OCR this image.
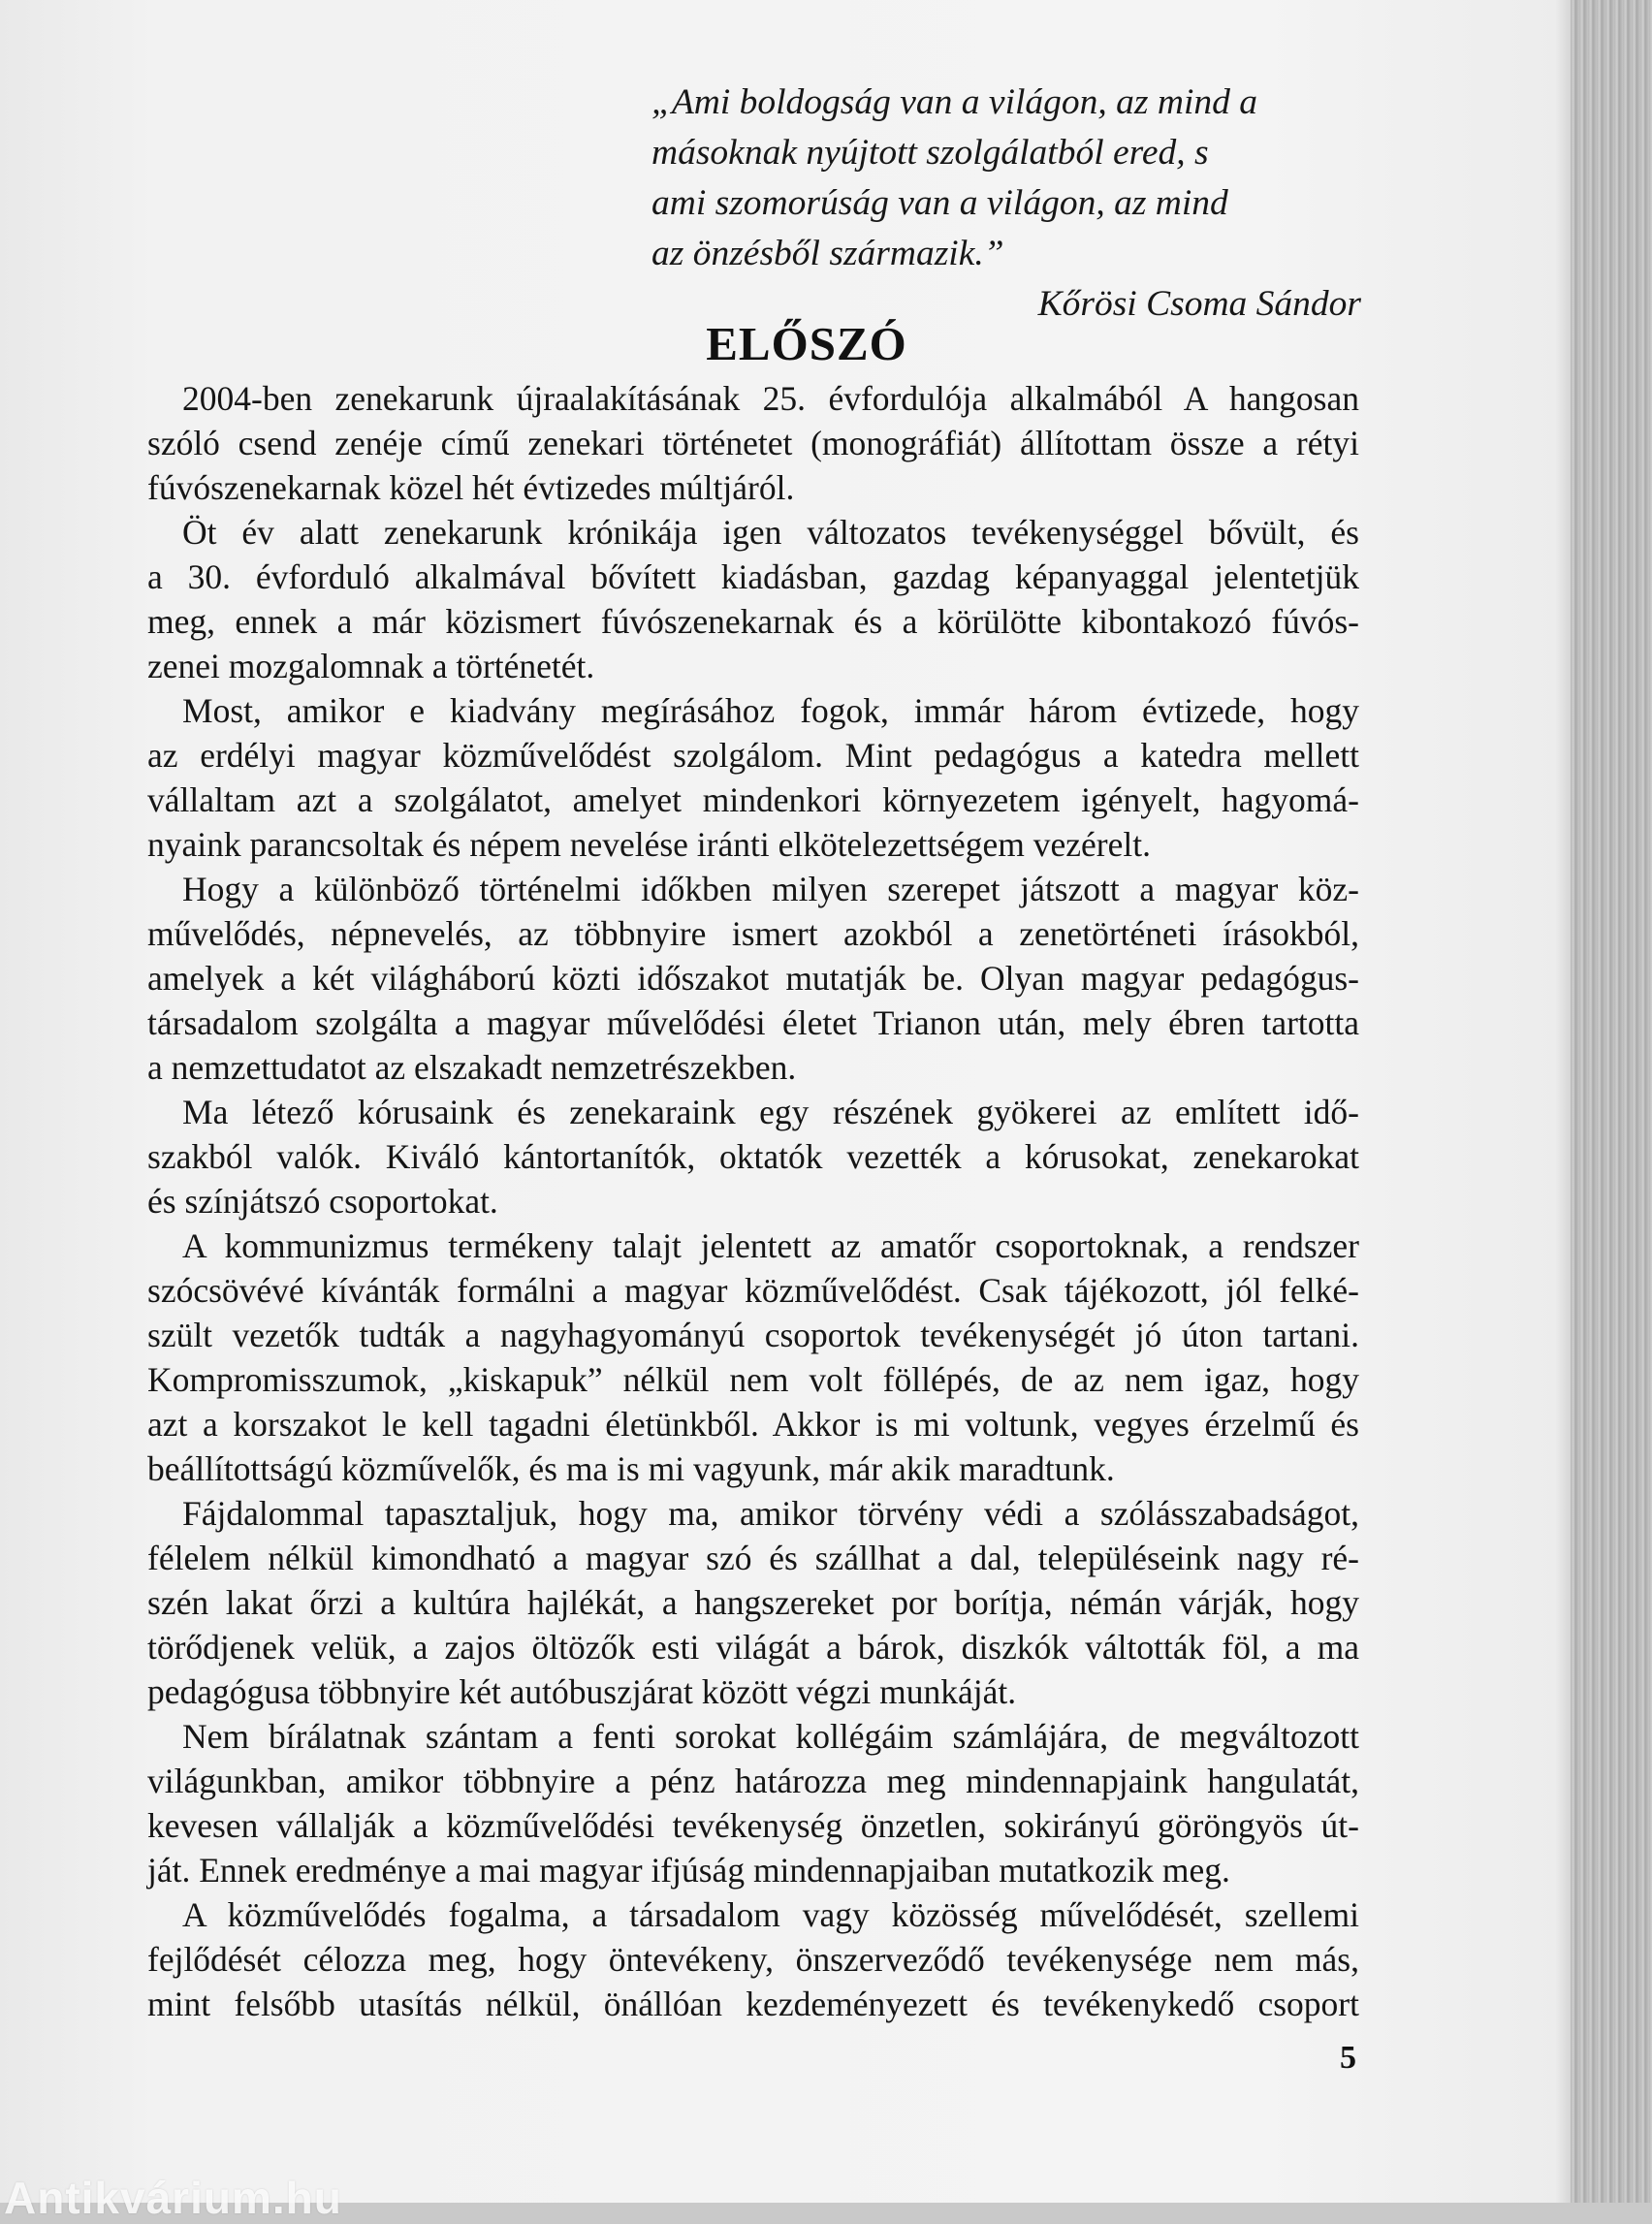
„Ami boldogság van a világon, az mind a
másoknak nyújtott szolgálatból ered, s
ami szomorúság van a világon, az mind
az önzésből származik.”
Kőrösi Csoma Sándor
ELŐSZÓ
2004-ben zenekarunk újraalakításának 25. évfordulója alkalmából A hangosan
szóló csend zenéje című zenekari történetet (monográfiát) állítottam össze a rétyi
fúvószenekarnak közel hét évtizedes múltjáról.
Öt év alatt zenekarunk krónikája igen változatos tevékenységgel bővült, és
a 30. évforduló alkalmával bővített kiadásban, gazdag képanyaggal jelentetjük
meg, ennek a már közismert fúvószenekarnak és a körülötte kibontakozó fúvós-
zenei mozgalomnak a történetét.
Most, amikor e kiadvány megírásához fogok, immár három évtizede, hogy
az erdélyi magyar közművelődést szolgálom. Mint pedagógus a katedra mellett
vállaltam azt a szolgálatot, amelyet mindenkori környezetem igényelt, hagyomá-
nyaink parancsoltak és népem nevelése iránti elkötelezettségem vezérelt.
Hogy a különböző történelmi időkben milyen szerepet játszott a magyar köz-
művelődés, népnevelés, az többnyire ismert azokból a zenetörténeti írásokból,
amelyek a két világháború közti időszakot mutatják be. Olyan magyar pedagógus-
társadalom szolgálta a magyar művelődési életet Trianon után, mely ébren tartotta
a nemzettudatot az elszakadt nemzetrészekben.
Ma létező kórusaink és zenekaraink egy részének gyökerei az említett idő-
szakból valók. Kiváló kántortanítók, oktatók vezették a kórusokat, zenekarokat
és színjátszó csoportokat.
A kommunizmus termékeny talajt jelentett az amatőr csoportoknak, a rendszer
szócsövévé kívánták formálni a magyar közművelődést. Csak tájékozott, jól felké-
szült vezetők tudták a nagyhagyományú csoportok tevékenységét jó úton tartani.
Kompromisszumok, „kiskapuk” nélkül nem volt föllépés, de az nem igaz, hogy
azt a korszakot le kell tagadni életünkből. Akkor is mi voltunk, vegyes érzelmű és
beállítottságú közművelők, és ma is mi vagyunk, már akik maradtunk.
Fájdalommal tapasztaljuk, hogy ma, amikor törvény védi a szólásszabadságot,
félelem nélkül kimondható a magyar szó és szállhat a dal, településeink nagy ré-
szén lakat őrzi a kultúra hajlékát, a hangszereket por borítja, némán várják, hogy
törődjenek velük, a zajos öltözők esti világát a bárok, diszkók váltották föl, a ma
pedagógusa többnyire két autóbuszjárat között végzi munkáját.
Nem bírálatnak szántam a fenti sorokat kollégáim számlájára, de megváltozott
világunkban, amikor többnyire a pénz határozza meg mindennapjaink hangulatát,
kevesen vállalják a közművelődési tevékenység önzetlen, sokirányú göröngyös út-
ját. Ennek eredménye a mai magyar ifjúság mindennapjaiban mutatkozik meg.
A közművelődés fogalma, a társadalom vagy közösség művelődését, szellemi
fejlődését célozza meg, hogy öntevékeny, önszerveződő tevékenysége nem más,
mint felsőbb utasítás nélkül, önállóan kezdeményezett és tevékenykedő csoport
5
Antikvárium.hu
